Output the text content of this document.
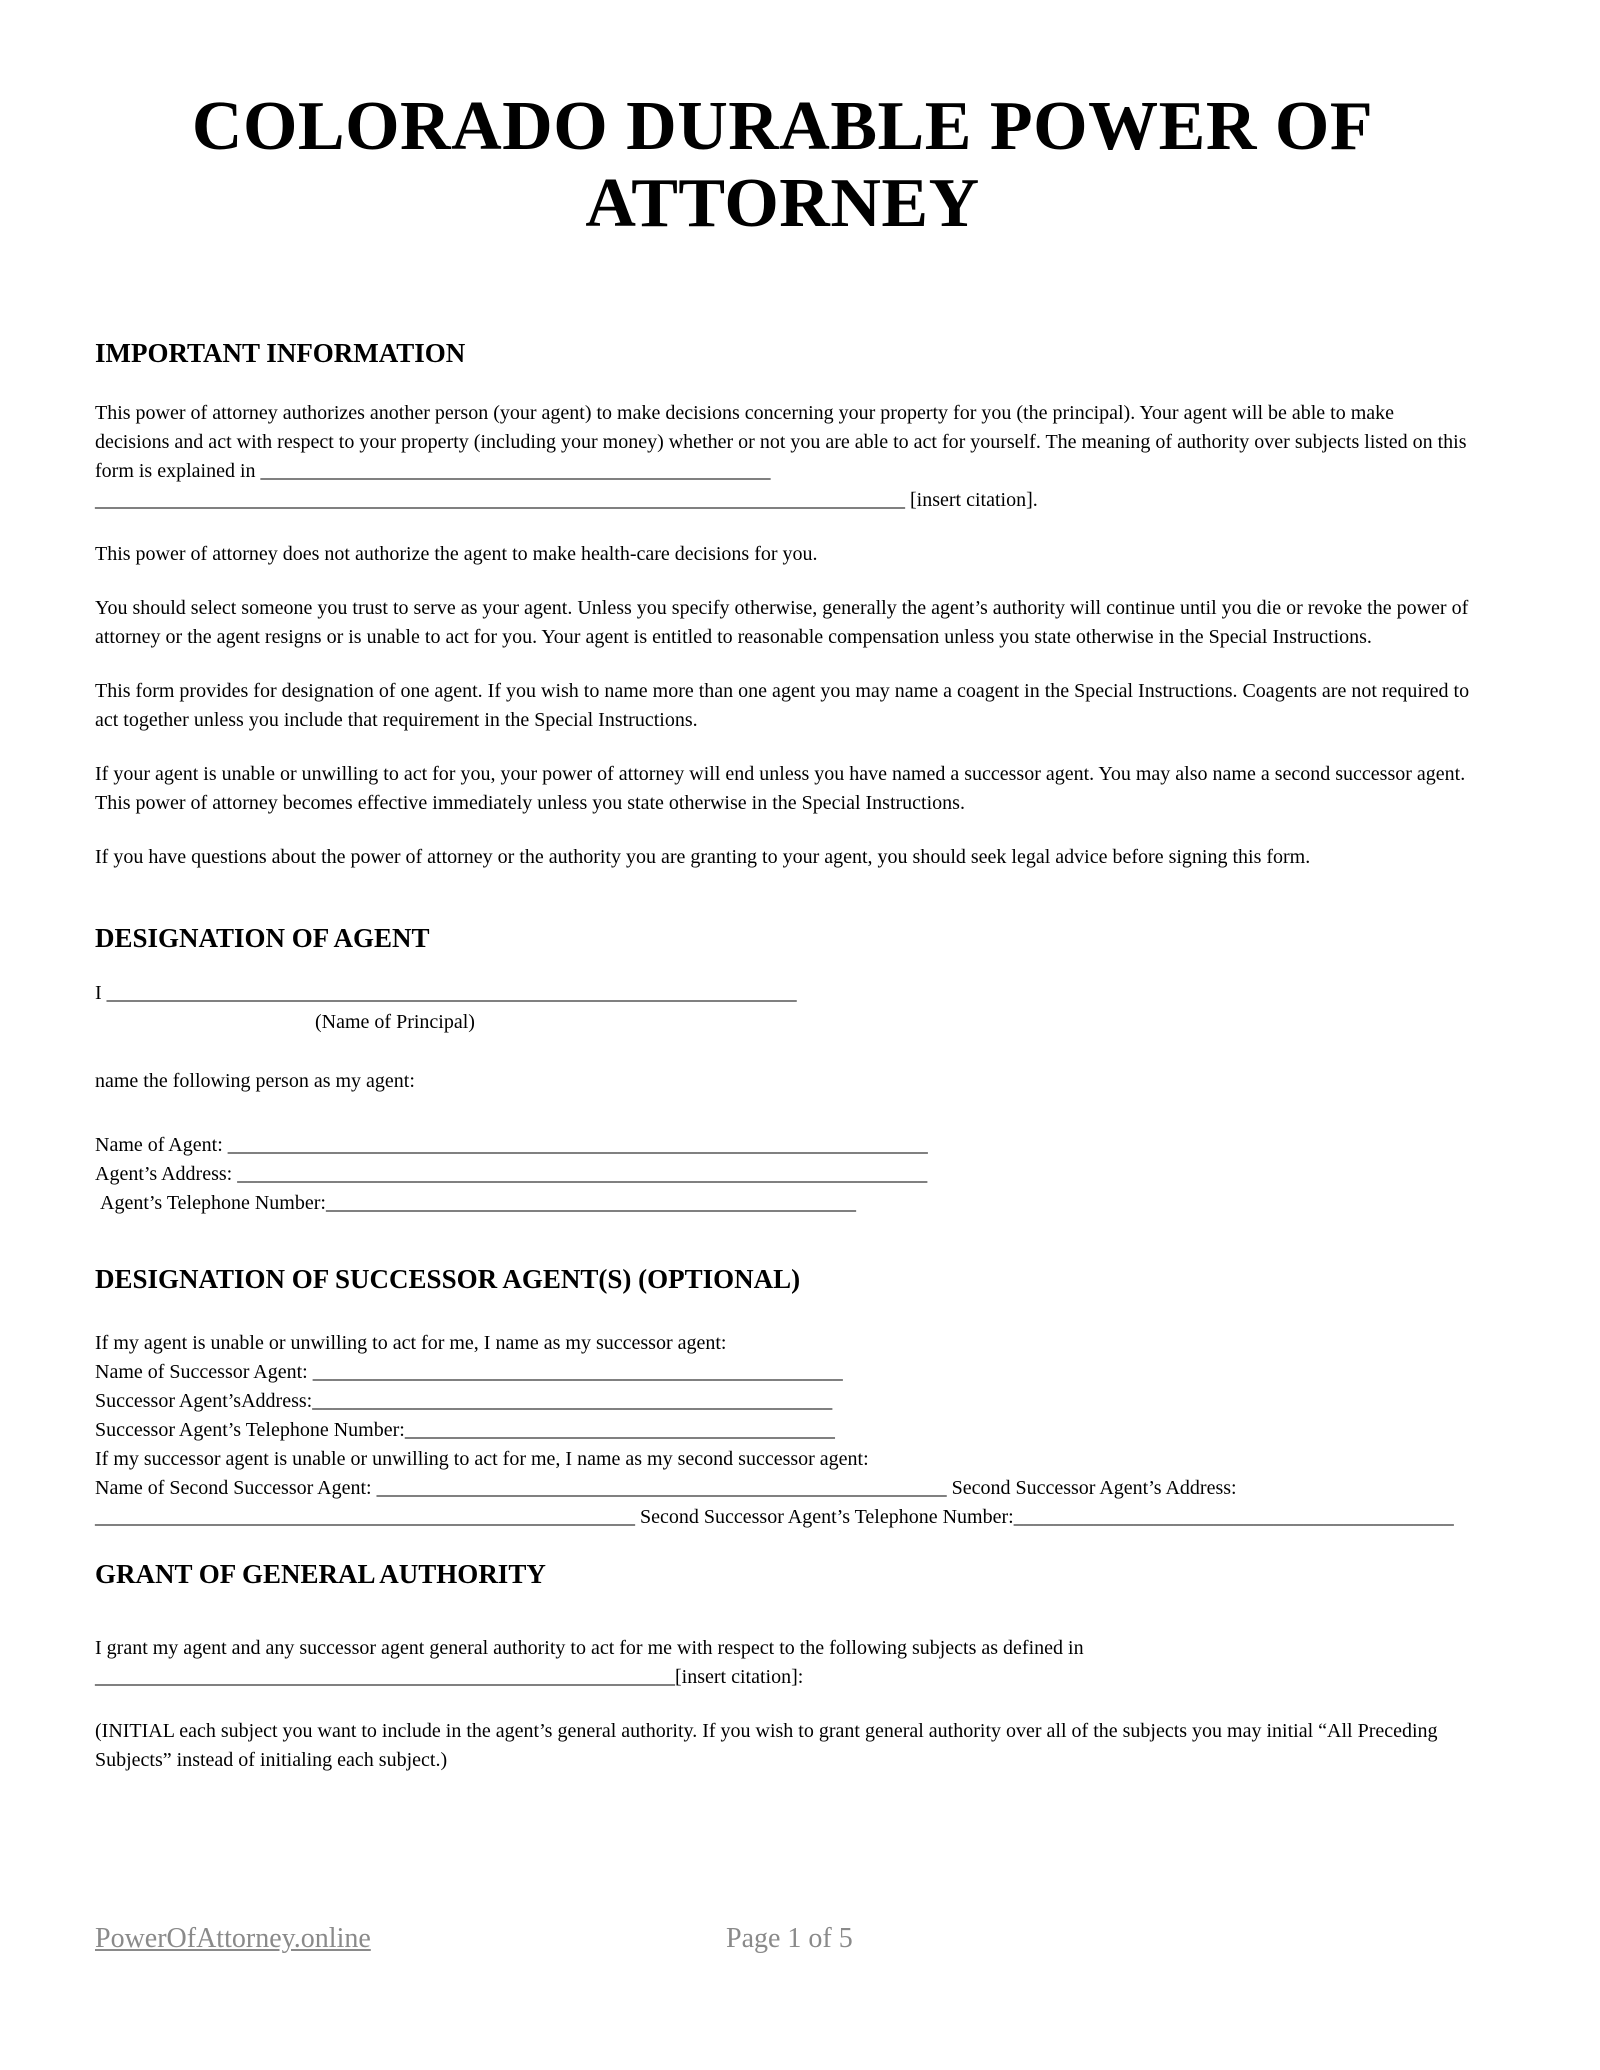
COLORADO DURABLE POWER OF ATTORNEY
IMPORTANT INFORMATION

This power of attorney authorizes another person (your agent) to make decisions concerning your property for you (the principal). Your agent will be able to make decisions and act with respect to your property (including your money) whether or not you are able to act for yourself. The meaning of authority over subjects listed on this form is explained in ___________________________________________________ _________________________________________________________________________________ [insert citation].

This power of attorney does not authorize the agent to make health-care decisions for you.

You should select someone you trust to serve as your agent. Unless you specify otherwise, generally the agent’s authority will continue until you die or revoke the power of attorney or the agent resigns or is unable to act for you. Your agent is entitled to reasonable compensation unless you state otherwise in the Special Instructions.

This form provides for designation of one agent. If you wish to name more than one agent you may name a coagent in the Special Instructions. Coagents are not required to act together unless you include that requirement in the Special Instructions.

If your agent is unable or unwilling to act for you, your power of attorney will end unless you have named a successor agent. You may also name a second successor agent. This power of attorney becomes effective immediately unless you state otherwise in the Special Instructions.

If you have questions about the power of attorney or the authority you are granting to your agent, you should seek legal advice before signing this form.

DESIGNATION OF AGENT
I _____________________________________________________________________
(Name of Principal)

name the following person as my agent:

Name of Agent: ______________________________________________________________________
Agent’s Address: _____________________________________________________________________
Agent’s Telephone Number:_____________________________________________________
DESIGNATION OF SUCCESSOR AGENT(S) (OPTIONAL)
If my agent is unable or unwilling to act for me, I name as my successor agent:
Name of Successor Agent: _____________________________________________________
Successor Agent’sAddress:____________________________________________________
Successor Agent’s Telephone Number:___________________________________________
If my successor agent is unable or unwilling to act for me, I name as my second successor agent:
Name of Second Successor Agent: _________________________________________________________ Second Successor Agent’s Address: ______________________________________________________ Second Successor Agent’s Telephone Number:____________________________________________
GRANT OF GENERAL AUTHORITY

I grant my agent and any successor agent general authority to act for me with respect to the following subjects as defined in __________________________________________________________[insert citation]:

(INITIAL each subject you want to include in the agent’s general authority. If you wish to grant general authority over all of the subjects you may initial “All Preceding Subjects” instead of initialing each subject.)

PowerOfAttorney.online	Page 1 of 5
